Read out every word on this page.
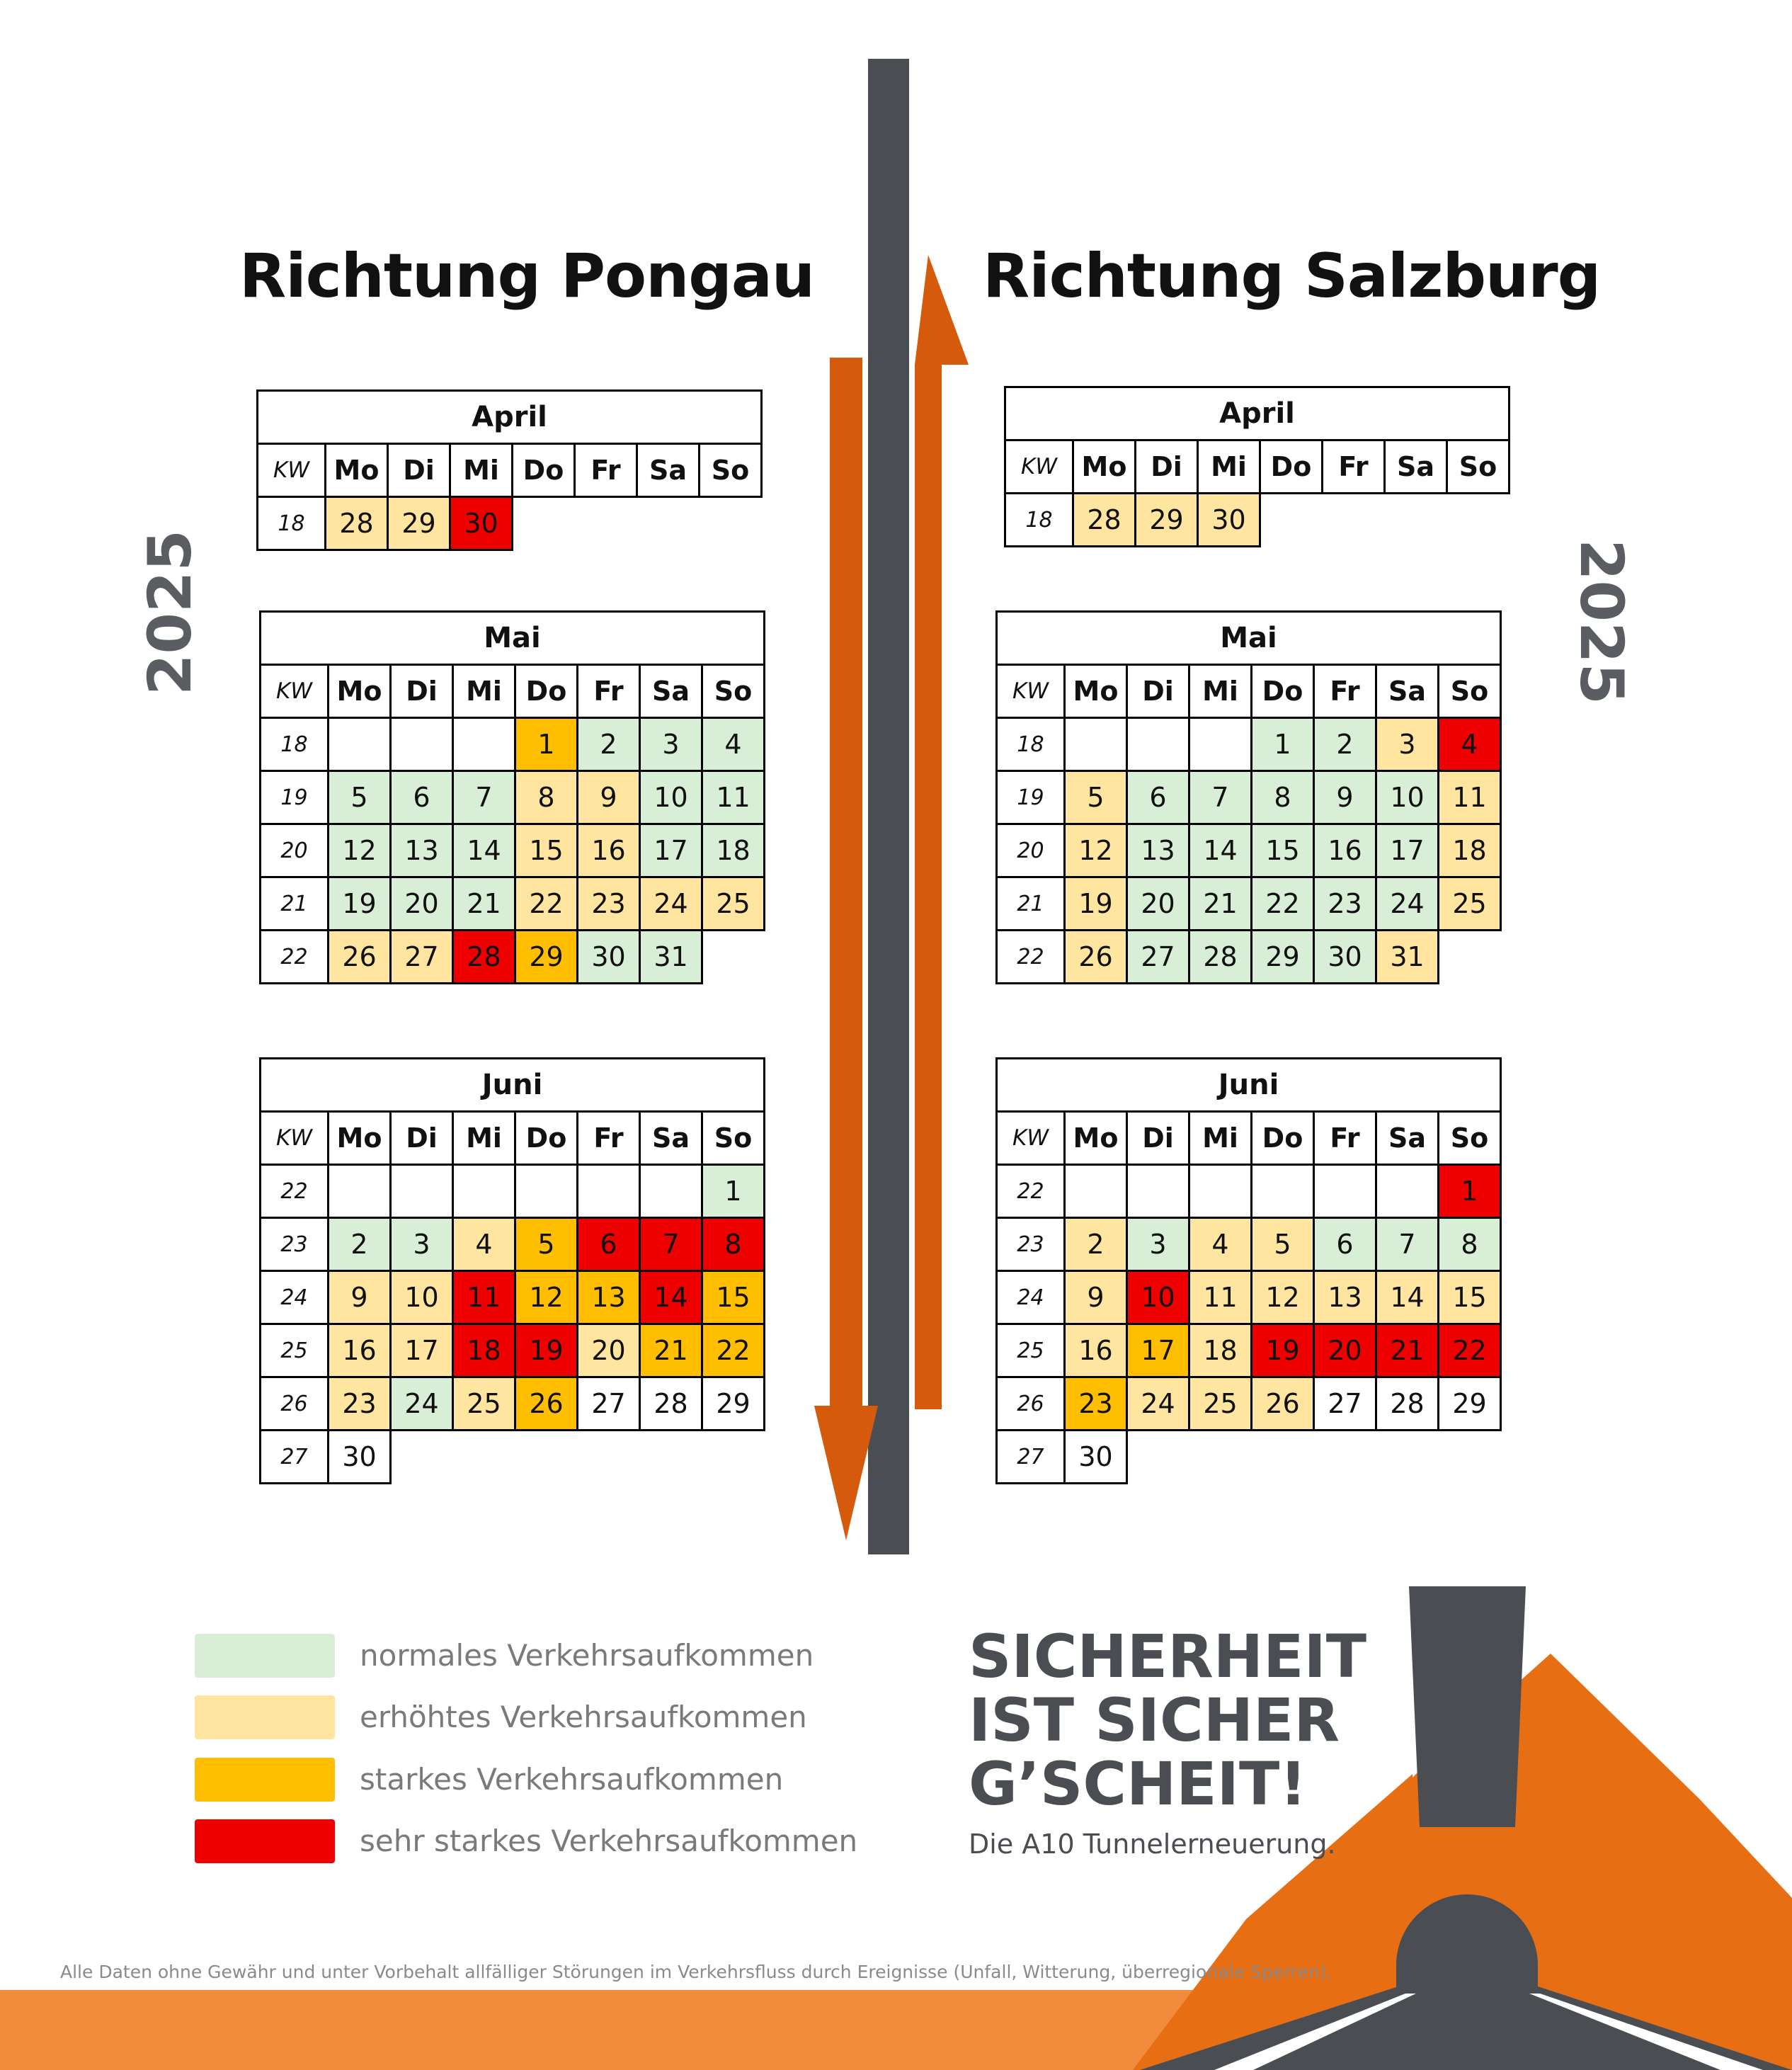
Richtung Pongau	Richtung Salzburg
2025	2025
April							
KW	Mo	Di	Mi	Do	Fr	Sa	So
18	28	29	30				
Mai							
KW	Mo	Di	Mi	Do	Fr	Sa	So
18				1	2	3	4
19	5	6	7	8	9	10	11
20	12	13	14	15	16	17	18
21	19	20	21	22	23	24	25
22	26	27	28	29	30	31	
Juni							
KW	Mo	Di	Mi	Do	Fr	Sa	So
22							1
23	2	3	4	5	6	7	8
24	9	10	11	12	13	14	15
25	16	17	18	19	20	21	22
26	23	24	25	26	27	28	29
27	30						
April							
KW	Mo	Di	Mi	Do	Fr	Sa	So
18	28	29	30				
Mai							
KW	Mo	Di	Mi	Do	Fr	Sa	So
18				1	2	3	4
19	5	6	7	8	9	10	11
20	12	13	14	15	16	17	18
21	19	20	21	22	23	24	25
22	26	27	28	29	30	31	
Juni							
KW	Mo	Di	Mi	Do	Fr	Sa	So
22							1
23	2	3	4	5	6	7	8
24	9	10	11	12	13	14	15
25	16	17	18	19	20	21	22
26	23	24	25	26	27	28	29
27	30						
normales Verkehrsaufkommen
erhöhtes Verkehrsaufkommen
starkes Verkehrsaufkommen
sehr starkes Verkehrsaufkommen
SICHERHEIT
IST SICHER
G’SCHEIT!
Die A10 Tunnelerneuerung.
Alle Daten ohne Gewähr und unter Vorbehalt allfälliger Störungen im Verkehrsfluss durch Ereignisse (Unfall, Witterung, überregionale Sperren).
